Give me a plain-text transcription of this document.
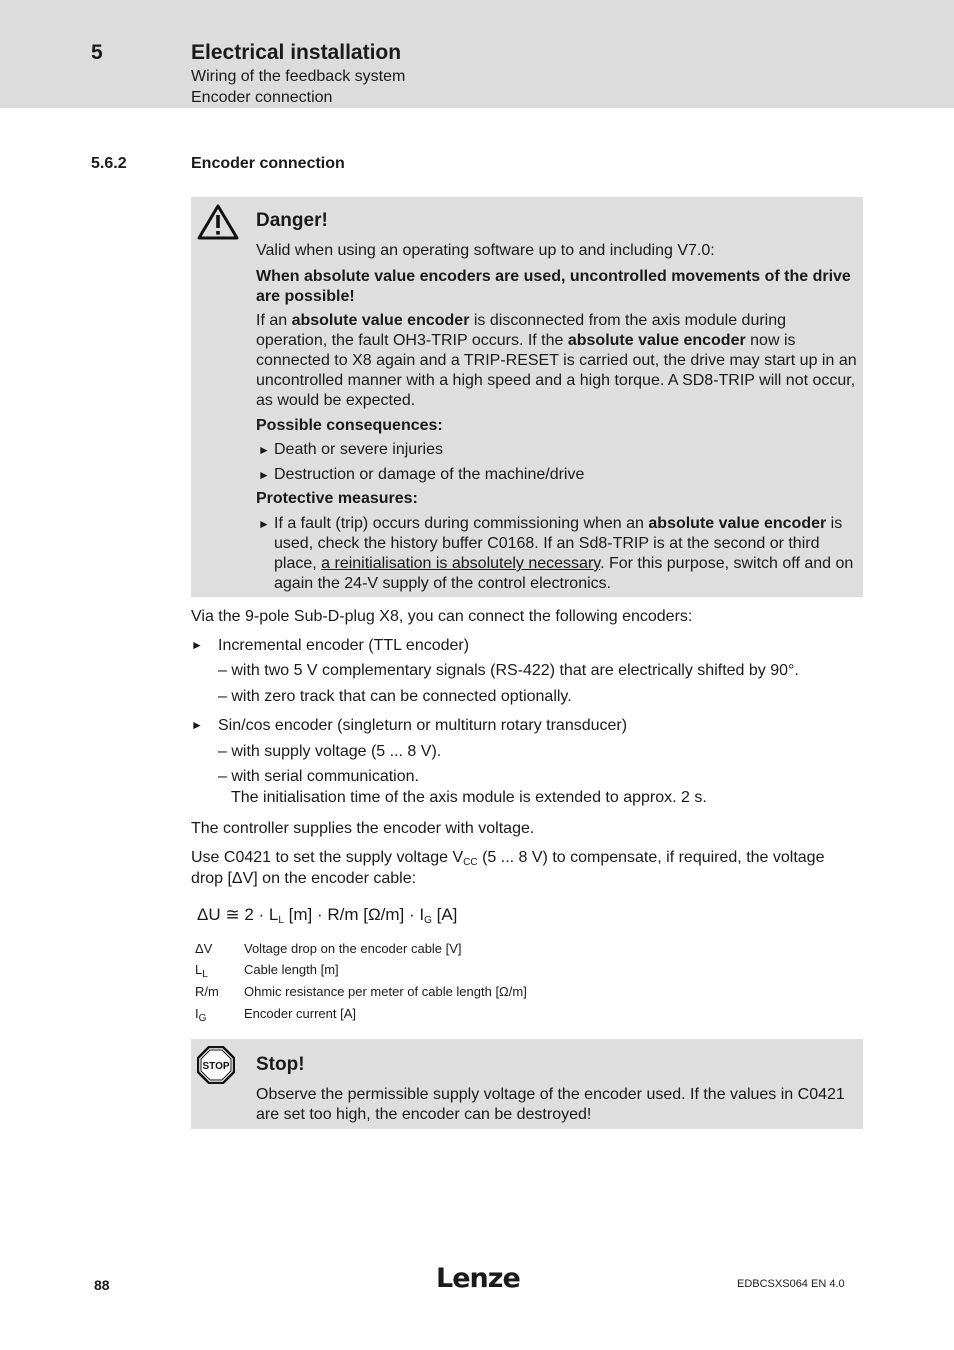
5	Electrical installation
Wiring of the feedback system
Encoder connection
5.6.2	Encoder connection
Danger!
Valid when using an operating software up to and including V7.0:
When absolute value encoders are used, uncontrolled movements of the drive are possible!
If an absolute value encoder is disconnected from the axis module during operation, the fault OH3-TRIP occurs. If the absolute value encoder now is connected to X8 again and a TRIP-RESET is carried out, the drive may start up in an uncontrolled manner with a high speed and a high torque. A SD8-TRIP will not occur, as would be expected.
Possible consequences:
► Death or severe injuries
► Destruction or damage of the machine/drive
Protective measures:
► If a fault (trip) occurs during commissioning when an absolute value encoder is used, check the history buffer C0168. If an Sd8-TRIP is at the second or third place, a reinitialisation is absolutely necessary. For this purpose, switch off and on again the 24-V supply of the control electronics.
Via the 9-pole Sub-D-plug X8, you can connect the following encoders:
► Incremental encoder (TTL encoder)
– with two 5 V complementary signals (RS-422) that are electrically shifted by 90°.
– with zero track that can be connected optionally.
► Sin/cos encoder (singleturn or multiturn rotary transducer)
– with supply voltage (5 ... 8 V).
– with serial communication.
The initialisation time of the axis module is extended to approx. 2 s.
The controller supplies the encoder with voltage.
Use C0421 to set the supply voltage $V_{CC}$ (5 ... 8 V) to compensate, if required, the voltage
drop [ΔV] on the encoder cable:
ΔU ≅ $2 \cdot L_L$ [m] · R/m $[\Omega/m] \cdot I_G$ [A]
ΔV Voltage drop on the encoder cable [V]
$L_L$	Cable length [m]
R/m Ohmic resistance per meter of cable length [Ω/m]
$I_G$	Encoder current [A]
STOP Stop!
Observe the permissible supply voltage of the encoder used. If the values in C0421 are set too high, the encoder can be destroyed!
88	Lenze	EDBCSXS064 EN 4.0
